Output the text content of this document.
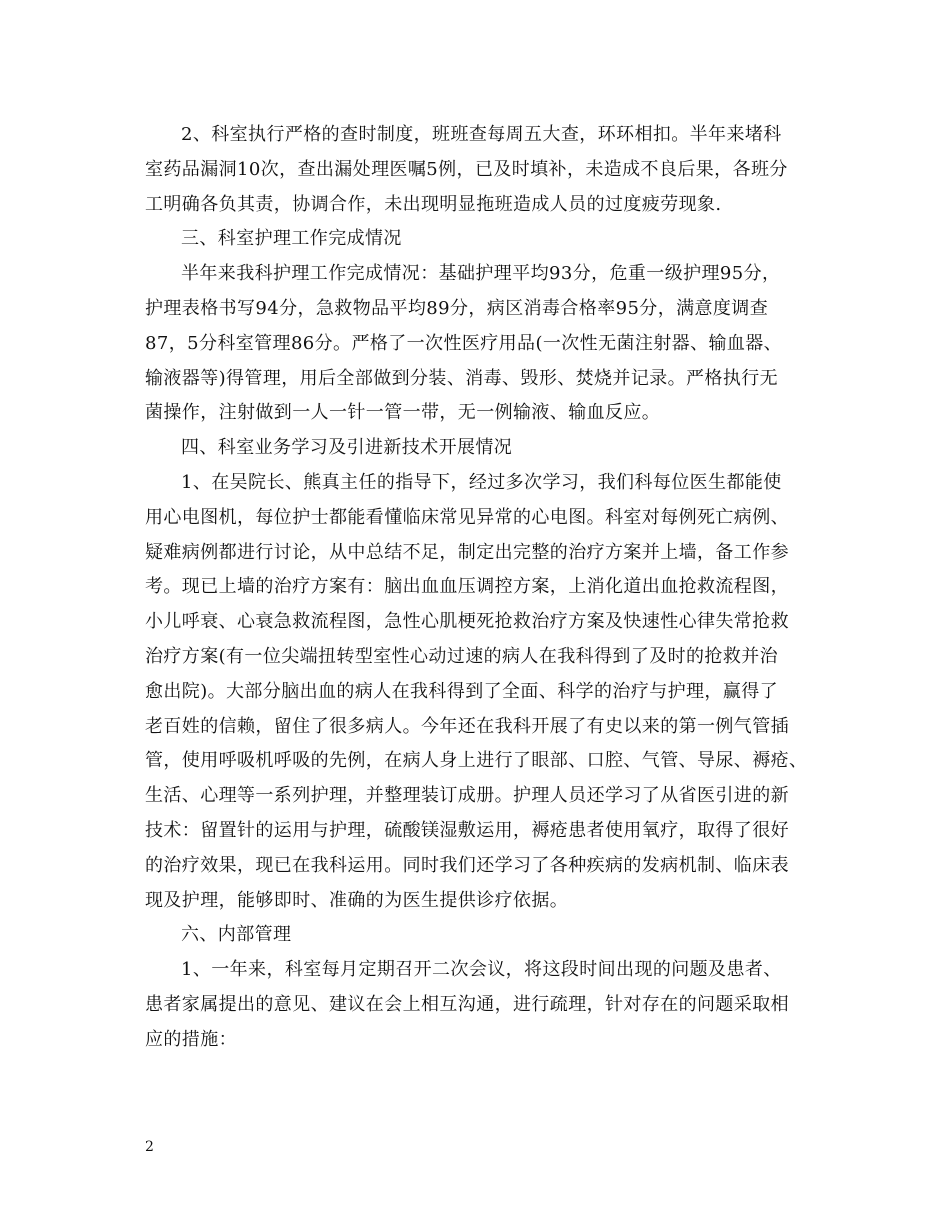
2、科室执行严格的查时制度，班班查每周五大查，环环相扣。半年来堵科
室药品漏洞10次，查出漏处理医嘱5例，已及时填补，未造成不良后果，各班分
工明确各负其责，协调合作，未出现明显拖班造成人员的过度疲劳现象.
三、科室护理工作完成情况
半年来我科护理工作完成情况：基础护理平均93分，危重一级护理95分，
护理表格书写94分，急救物品平均89分，病区消毒合格率95分，满意度调查
87，5分科室管理86分。严格了一次性医疗用品(一次性无菌注射器、输血器、
输液器等)得管理，用后全部做到分装、消毒、毁形、焚烧并记录。严格执行无
菌操作，注射做到一人一针一管一带，无一例输液、输血反应。
四、科室业务学习及引进新技术开展情况
1、在吴院长、熊真主任的指导下，经过多次学习，我们科每位医生都能使
用心电图机，每位护士都能看懂临床常见异常的心电图。科室对每例死亡病例、
疑难病例都进行讨论，从中总结不足，制定出完整的治疗方案并上墙，备工作参
考。现已上墙的治疗方案有：脑出血血压调控方案，上消化道出血抢救流程图，
小儿呼衰、心衰急救流程图，急性心肌梗死抢救治疗方案及快速性心律失常抢救
治疗方案(有一位尖端扭转型室性心动过速的病人在我科得到了及时的抢救并治
愈出院)。大部分脑出血的病人在我科得到了全面、科学的治疗与护理，赢得了
老百姓的信赖，留住了很多病人。今年还在我科开展了有史以来的第一例气管插
管，使用呼吸机呼吸的先例，在病人身上进行了眼部、口腔、气管、导尿、褥疮、
生活、心理等一系列护理，并整理装订成册。护理人员还学习了从省医引进的新
技术：留置针的运用与护理，硫酸镁湿敷运用，褥疮患者使用氧疗，取得了很好
的治疗效果，现已在我科运用。同时我们还学习了各种疾病的发病机制、临床表
现及护理，能够即时、准确的为医生提供诊疗依据。
六、内部管理
1、一年来，科室每月定期召开二次会议，将这段时间出现的问题及患者、
患者家属提出的意见、建议在会上相互沟通，进行疏理，针对存在的问题采取相
应的措施：
2
